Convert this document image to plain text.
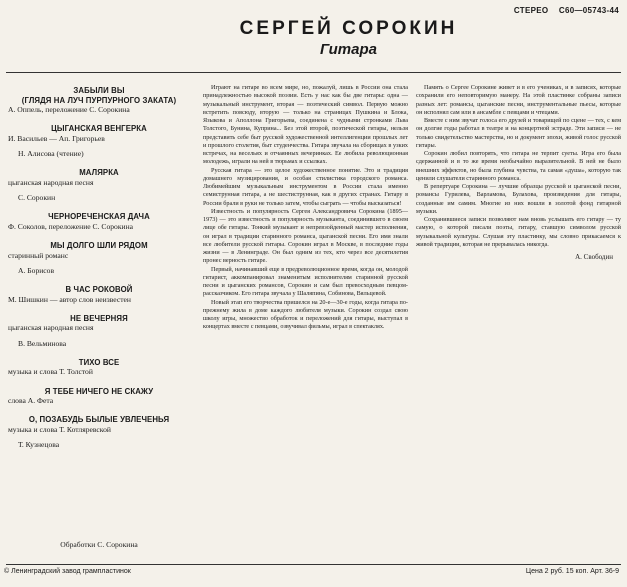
СТЕРЕО С60—05743-44
СЕРГЕЙ СОРОКИН
Гитара
ЗАБЫЛИ ВЫ
(ГЛЯДЯ НА ЛУЧ ПУРПУРНОГО ЗАКАТА)
А. Оппель, переложение С. Сорокина
ЦЫГАНСКАЯ ВЕНГЕРКА
И. Васильев — Ап. Григорьев
Н. Алисова (чтение)
МАЛЯРКА
цыганская народная песня
С. Сорокин
ЧЕРНОРЕЧЕНСКАЯ ДАЧА
Ф. Соколов, переложение С. Сорокина
МЫ ДОЛГО ШЛИ РЯДОМ
старинный романс
А. Борисов
В ЧАС РОКОВОЙ
М. Шишкин — автор слов неизвестен
НЕ ВЕЧЕРНЯЯ
цыганская народная песня
В. Вельминова
ТИХО ВСЕ
музыка и слова Т. Толстой
Я ТЕБЕ НИЧЕГО НЕ СКАЖУ
слова А. Фета
О, ПОЗАБУДЬ БЫЛЫЕ УВЛЕЧЕНЬЯ
музыка и слова Т. Котляревской
Т. Кузнецова
Обработки С. Сорокина

Играют на гитаре во всем мире, но, пожалуй, лишь в России она стала принадлежностью высокой поэзии. Есть у нас как бы две гитары: одна — музыкальный инструмент, вторая — поэтический символ. Первую можно встретить повсюду, вторую — только на страницах Пушкина и Блока, Языкова и Аполлона Григорьева, соединена с чудными стронками Льва Толстого, Бунина, Куприна... Без этой второй, поэтической гитары, нельзя представить себе быт русской художественной интеллигенции прошлых лет и прошлого столетия, быт студенчества. Гитара звучала на сборищах в узких встречах, на весельях и отчаянных вечеринках. Ее любила революционная молодежь, играли на ней в тюрьмах и ссылках.

Русская гитара — это целое художественное понятие. Это и традиция домашнего музицирования, и особая стилистика городского романса. Любимейшим музыкальным инструментом в России стала именно семиструнная гитара, а не шестиструнная, как в других странах. Гитару в России брали в руки не только затем, чтобы сыграть — чтобы высказаться!

Известность и популярность Сергея Александровича Сорокина (1895—1973) — это известность и популярность музыканта, соединившего в своем лице обе гитары. Тонкий музыкант и непревзойденный мастер исполнения, он играл в традиции старинного романса, цыганской песни. Его имя знали все любители русской гитары. Сорокин играл в Москве, в последние годы жизни — в Ленинграде. Он был одним из тех, кто через все десятилетия пронес верность гитаре.

Первый, начинавший еще в предреволюционное время, когда он, молодой гитарист, аккомпанировал знаменитым исполнителям старинной русской песни и цыганских романсов, Сорокин и сам был превосходным певцом-рассказчиком. Его гитара звучала у Шаляпина, Собинова, Вяльцевой.

Новый этап его творчества пришелся на 20-е—30-е годы, когда гитара по-прежнему жила в доме каждого любителя музыки. Сорокин создал свою школу игры, множество обработок и переложений для гитары, выступал в концертах вместе с певцами, озвучивал фильмы, играл в спектаклях.

Память о Сергее Сорокине живет и в его учениках, и в записях, которые сохранили его неповторимую манеру. На этой пластинке собраны записи разных лет: романсы, цыганские песни, инструментальные пьесы, которые он исполнял сам или в ансамбле с певцами и чтецами.

Вместе с ним звучат голоса его друзей и товарищей по сцене — тех, с кем он долгие годы работал в театре и на концертной эстраде. Эти записи — не только свидетельство мастерства, но и документ эпохи, живой голос русской гитары.

Сорокин любил повторять, что гитара не терпит суеты. Игра его была сдержанной и в то же время необычайно выразительной. В ней не было внешних эффектов, но была глубина чувства, та самая «душа», которую так ценили слушатели старинного романса.

В репертуаре Сорокина — лучшие образцы русской и цыганской песни, романсы Гурилева, Варламова, Булахова, произведения для гитары, созданные им самим. Многие из них вошли в золотой фонд гитарной музыки.

Сохранившиеся записи позволяют нам вновь услышать его гитару — ту самую, о которой писали поэты, гитару, ставшую символом русской музыкальной культуры. Слушая эту пластинку, мы словно прикасаемся к живой традиции, которая не прерывалась никогда.

А. Свободин
© Ленинградский завод грампластинок	Цена 2 руб. 15 коп. Арт. 36-9
